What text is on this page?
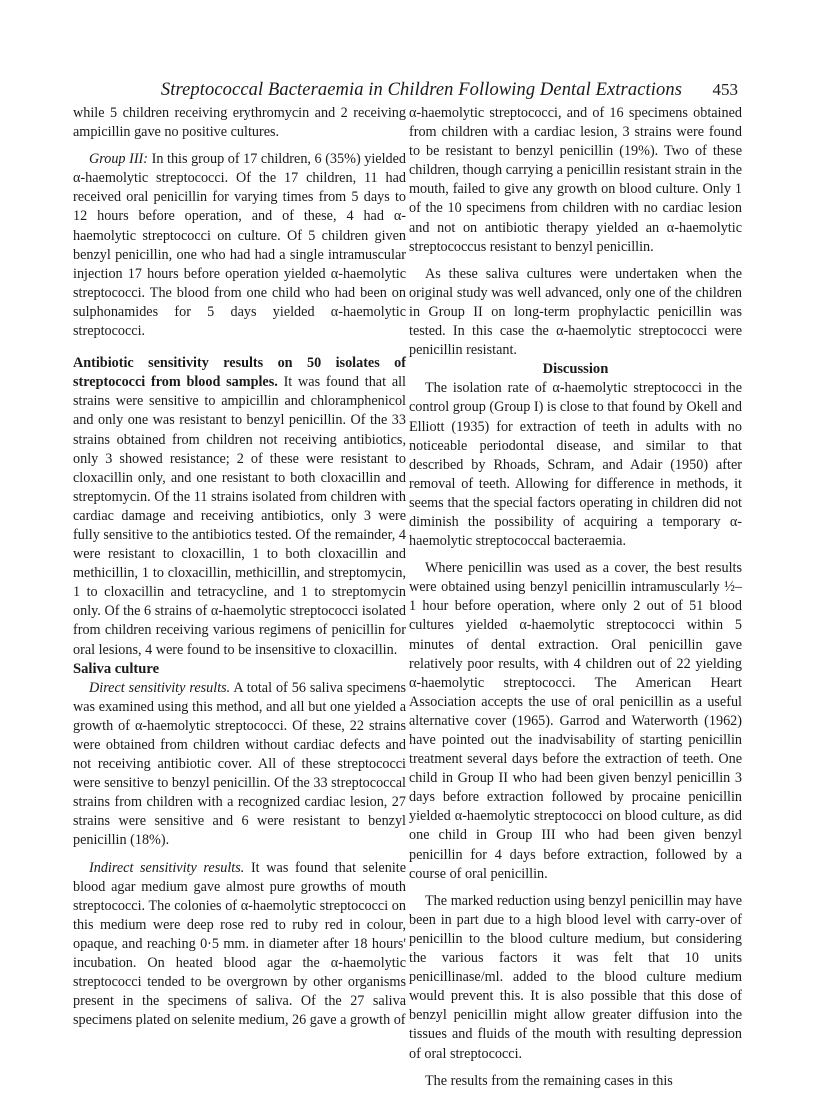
Streptococcal Bacteraemia in Children Following Dental Extractions 453

while 5 children receiving erythromycin and 2 receiving ampicillin gave no positive cultures.

Group III: In this group of 17 children, 6 (35%) yielded α-haemolytic streptococci. Of the 17 children, 11 had received oral penicillin for varying times from 5 days to 12 hours before operation, and of these, 4 had α-haemolytic streptococci on culture. Of 5 children given benzyl penicillin, one who had had a single intramuscular injection 17 hours before operation yielded α-haemolytic streptococci. The blood from one child who had been on sulphonamides for 5 days yielded α-haemolytic streptococci.

Antibiotic sensitivity results on 50 isolates of streptococci from blood samples. It was found that all strains were sensitive to ampicillin and chloramphenicol and only one was resistant to benzyl penicillin. Of the 33 strains obtained from children not receiving antibiotics, only 3 showed resistance; 2 of these were resistant to cloxacillin only, and one resistant to both cloxacillin and streptomycin. Of the 11 strains isolated from children with cardiac damage and receiving antibiotics, only 3 were fully sensitive to the antibiotics tested. Of the remainder, 4 were resistant to cloxacillin, 1 to both cloxacillin and methicillin, 1 to cloxacillin, methicillin, and streptomycin, 1 to cloxacillin and tetracycline, and 1 to streptomycin only. Of the 6 strains of α-haemolytic streptococci isolated from children receiving various regimens of penicillin for oral lesions, 4 were found to be insensitive to cloxacillin.

Saliva culture

Direct sensitivity results. A total of 56 saliva specimens was examined using this method, and all but one yielded a growth of α-haemolytic streptococci. Of these, 22 strains were obtained from children without cardiac defects and not receiving antibiotic cover. All of these streptococci were sensitive to benzyl penicillin. Of the 33 streptococcal strains from children with a recognized cardiac lesion, 27 strains were sensitive and 6 were resistant to benzyl penicillin (18%).

Indirect sensitivity results. It was found that selenite blood agar medium gave almost pure growths of mouth streptococci. The colonies of α-haemolytic streptococci on this medium were deep rose red to ruby red in colour, opaque, and reaching 0·5 mm. in diameter after 18 hours' incubation. On heated blood agar the α-haemolytic streptococci tended to be overgrown by other organisms present in the specimens of saliva. Of the 27 saliva specimens plated on selenite medium, 26 gave a growth of

α-haemolytic streptococci, and of 16 specimens obtained from children with a cardiac lesion, 3 strains were found to be resistant to benzyl penicillin (19%). Two of these children, though carrying a penicillin resistant strain in the mouth, failed to give any growth on blood culture. Only 1 of the 10 specimens from children with no cardiac lesion and not on antibiotic therapy yielded an α-haemolytic streptococcus resistant to benzyl penicillin.

As these saliva cultures were undertaken when the original study was well advanced, only one of the children in Group II on long-term prophylactic penicillin was tested. In this case the α-haemolytic streptococci were penicillin resistant.

Discussion

The isolation rate of α-haemolytic streptococci in the control group (Group I) is close to that found by Okell and Elliott (1935) for extraction of teeth in adults with no noticeable periodontal disease, and similar to that described by Rhoads, Schram, and Adair (1950) after removal of teeth. Allowing for difference in methods, it seems that the special factors operating in children did not diminish the possibility of acquiring a temporary α-haemolytic streptococcal bacteraemia.

Where penicillin was used as a cover, the best results were obtained using benzyl penicillin intramuscularly ½–1 hour before operation, where only 2 out of 51 blood cultures yielded α-haemolytic streptococci within 5 minutes of dental extraction. Oral penicillin gave relatively poor results, with 4 children out of 22 yielding α-haemolytic streptococci. The American Heart Association accepts the use of oral penicillin as a useful alternative cover (1965). Garrod and Waterworth (1962) have pointed out the inadvisability of starting penicillin treatment several days before the extraction of teeth. One child in Group II who had been given benzyl penicillin 3 days before extraction followed by procaine penicillin yielded α-haemolytic streptococci on blood culture, as did one child in Group III who had been given benzyl penicillin for 4 days before extraction, followed by a course of oral penicillin.

The marked reduction using benzyl penicillin may have been in part due to a high blood level with carry-over of penicillin to the blood culture medium, but considering the various factors it was felt that 10 units penicillinase/ml. added to the blood culture medium would prevent this. It is also possible that this dose of benzyl penicillin might allow greater diffusion into the tissues and fluids of the mouth with resulting depression of oral streptococci.

The results from the remaining cases in this
